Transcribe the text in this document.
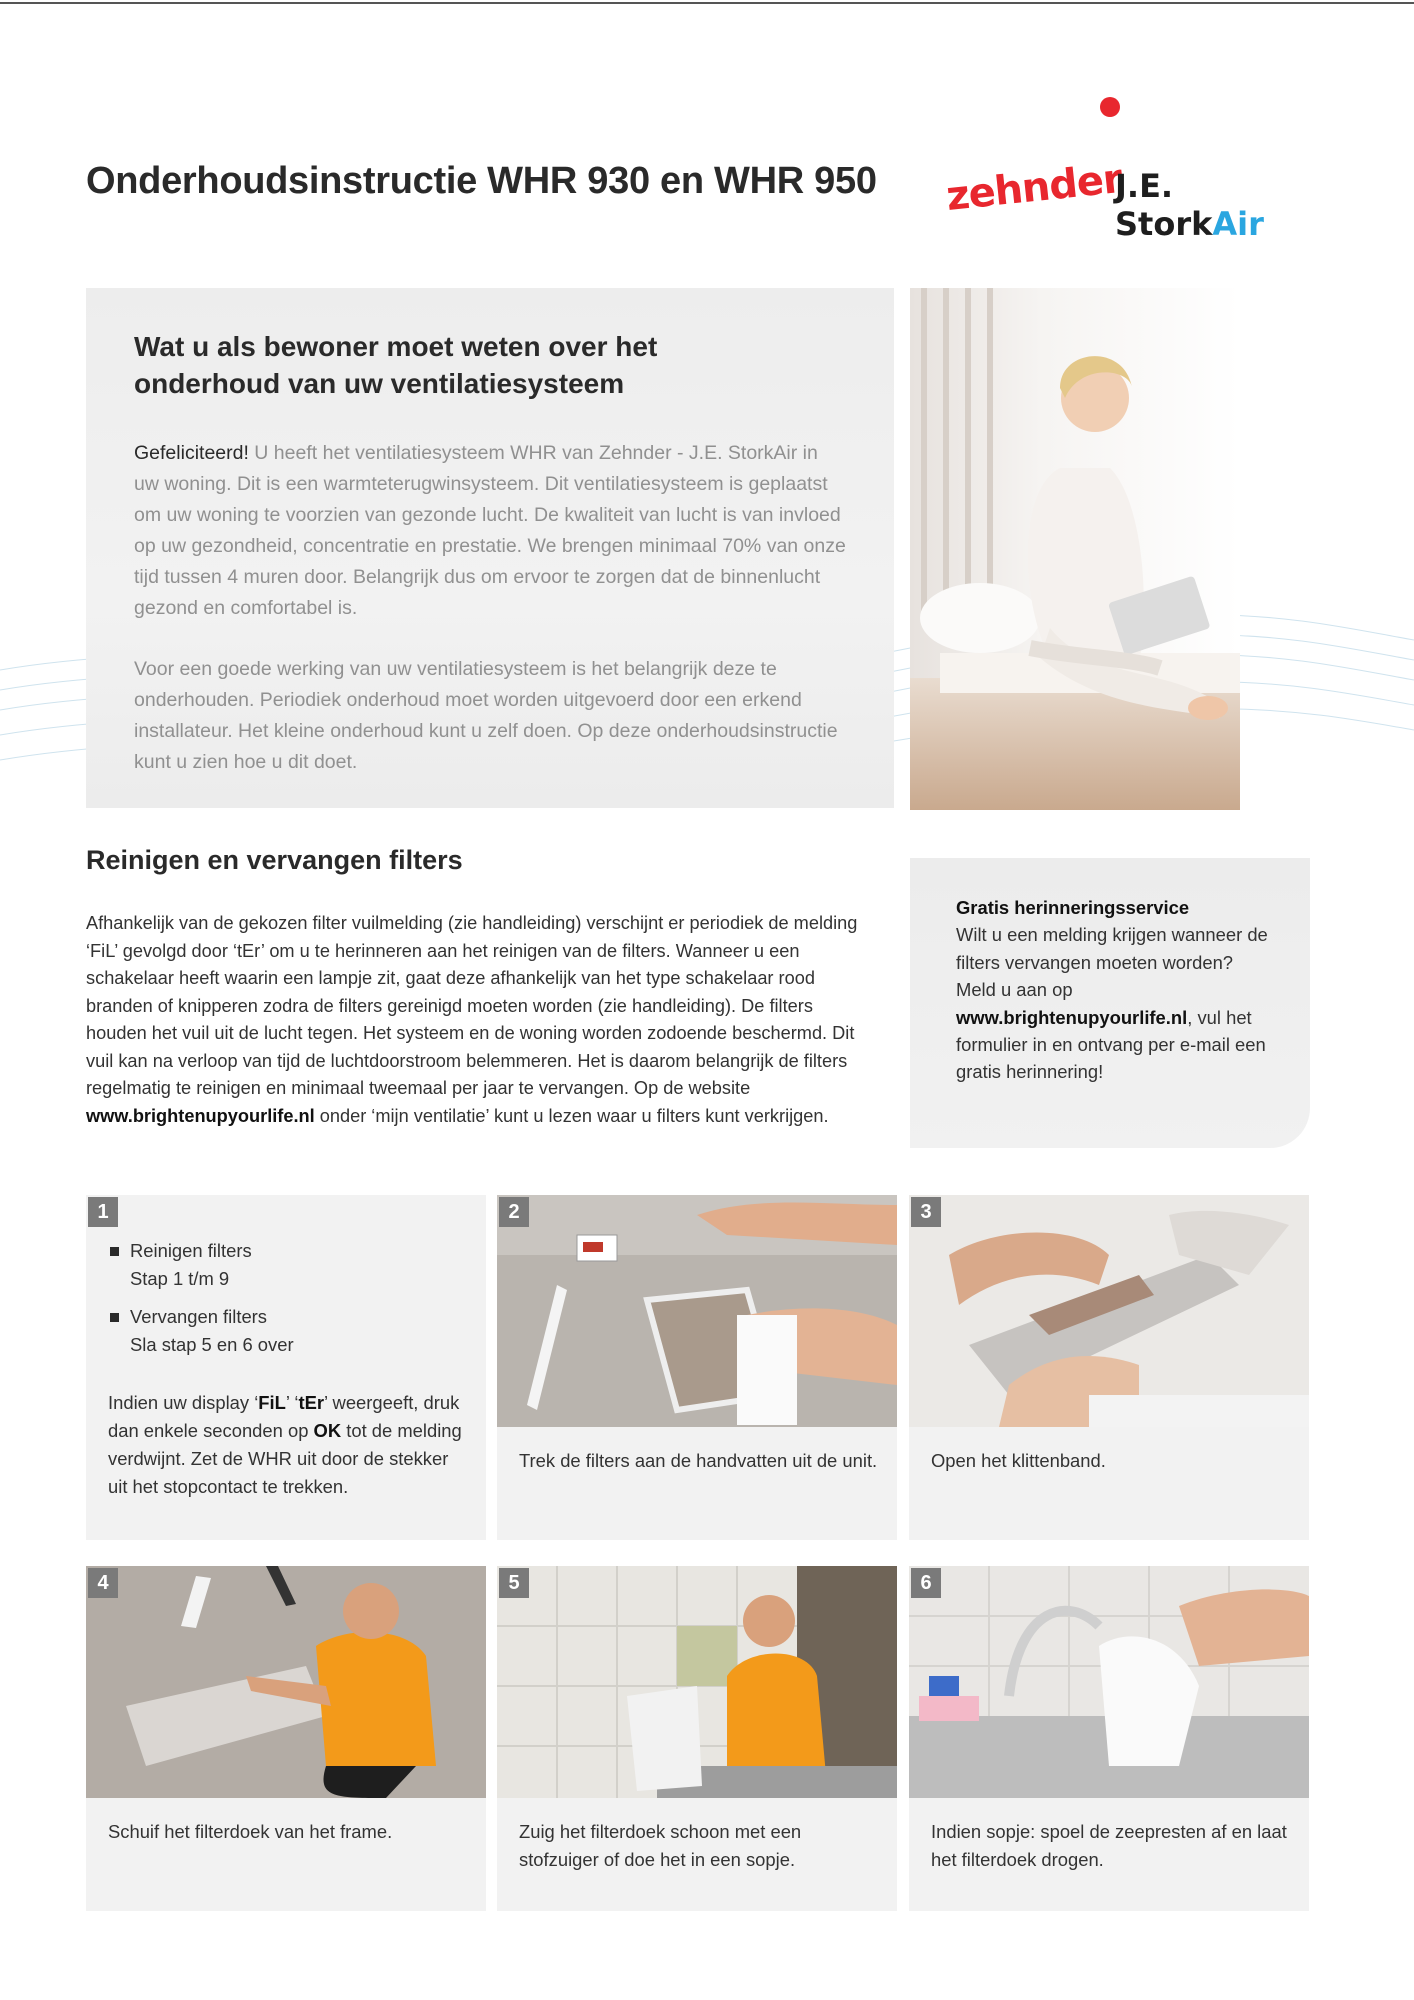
Onderhoudsinstructie WHR 930 en WHR 950 zehnder
J.E. StorkAir
Wat u als bewoner moet weten over het onderhoud van uw ventilatiesysteem

Gefeliciteerd! U heeft het ventilatiesysteem WHR van Zehnder - J.E. StorkAir in uw woning. Dit is een warmteterugwinsysteem. Dit ventilatiesysteem is geplaatst om uw woning te voorzien van gezonde lucht. De kwaliteit van lucht is van invloed op uw gezondheid, concentratie en prestatie. We brengen minimaal 70% van onze tijd tussen 4 muren door. Belangrijk dus om ervoor te zorgen dat de binnenlucht gezond en comfortabel is.

Voor een goede werking van uw ventilatiesysteem is het belangrijk deze te onderhouden. Periodiek onderhoud moet worden uitgevoerd door een erkend installateur. Het kleine onderhoud kunt u zelf doen. Op deze onderhoudsinstructie kunt u zien hoe u dit doet.

Reinigen en vervangen filters
Afhankelijk van de gekozen filter vuilmelding (zie handleiding) verschijnt er periodiek de melding ‘FiL’ gevolgd door ‘tEr’ om u te herinneren aan het reinigen van de filters. Wanneer u een schakelaar heeft waarin een lampje zit, gaat deze afhankelijk van het type schakelaar rood branden of knipperen zodra de filters gereinigd moeten worden (zie handleiding). De filters houden het vuil uit de lucht tegen. Het systeem en de woning worden zodoende beschermd. Dit vuil kan na verloop van tijd de luchtdoorstroom belemmeren. Het is daarom belangrijk de filters regelmatig te reinigen en minimaal tweemaal per jaar te vervangen. Op de website www.brightenupyourlife.nl onder ‘mijn ventilatie’ kunt u lezen waar u filters kunt verkrijgen.
Gratis herinneringsservice
Wilt u een melding krijgen wanneer de filters vervangen moeten worden? Meld u aan op www.brightenupyourlife.nl, vul het formulier in en ontvang per e-mail een gratis herinnering!
1
Reinigen filters
Stap 1 t/m 9
Vervangen filters
Sla stap 5 en 6 over
Indien uw display ‘FiL’ ‘tEr’ weergeeft, druk dan enkele seconden op OK tot de melding verdwijnt. Zet de WHR uit door de stekker uit het stopcontact te trekken.
2
Trek de filters aan de handvatten uit de unit.
3
Open het klittenband.
4
Schuif het filterdoek van het frame.
5
Zuig het filterdoek schoon met een stofzuiger of doe het in een sopje.
6
Indien sopje: spoel de zeepresten af en laat het filterdoek drogen.
